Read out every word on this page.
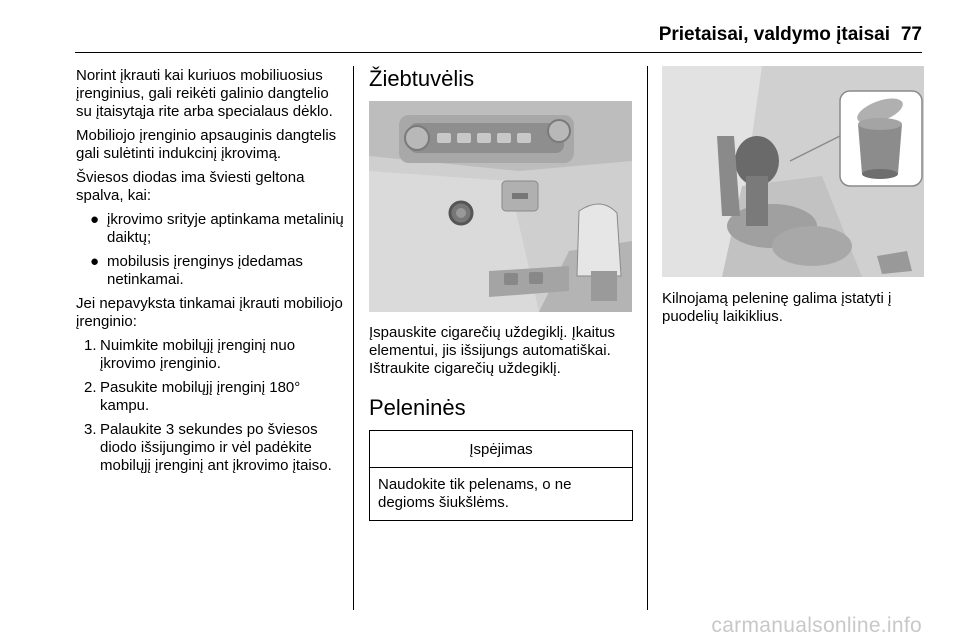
Prietaisai, valdymo įtaisai 77

Norint įkrauti kai kuriuos mobiliuosius įrenginius, gali reikėti galinio dangtelio su įtaisytąja rite arba specialaus dėklo.

Mobiliojo įrenginio apsauginis dangtelis gali sulėtinti indukcinį įkrovimą.

Šviesos diodas ima šviesti geltona spalva, kai:

● įkrovimo srityje aptinkama metalinių daiktų;
● mobilusis įrenginys įdedamas netinkamai.

Jei nepavyksta tinkamai įkrauti mobiliojo įrenginio:

1. Nuimkite mobilųjį įrenginį nuo įkrovimo įrenginio.
2. Pasukite mobilųjį įrenginį 180° kampu.
3. Palaukite 3 sekundes po šviesos diodo išsijungimo ir vėl padėkite mobilųjį įrenginį ant įkrovimo įtaiso.
Žiebtuvėlis

Įspauskite cigarečių uždegiklį. Įkaitus elementui, jis išsijungs automatiškai. Ištraukite cigarečių uždegiklį.

Peleninės
Įspėjimas
Naudokite tik pelenams, o ne degioms šiukšlėms.

Kilnojamą peleninę galima įstatyti į puodelių laikiklius.

carmanualsonline.info
